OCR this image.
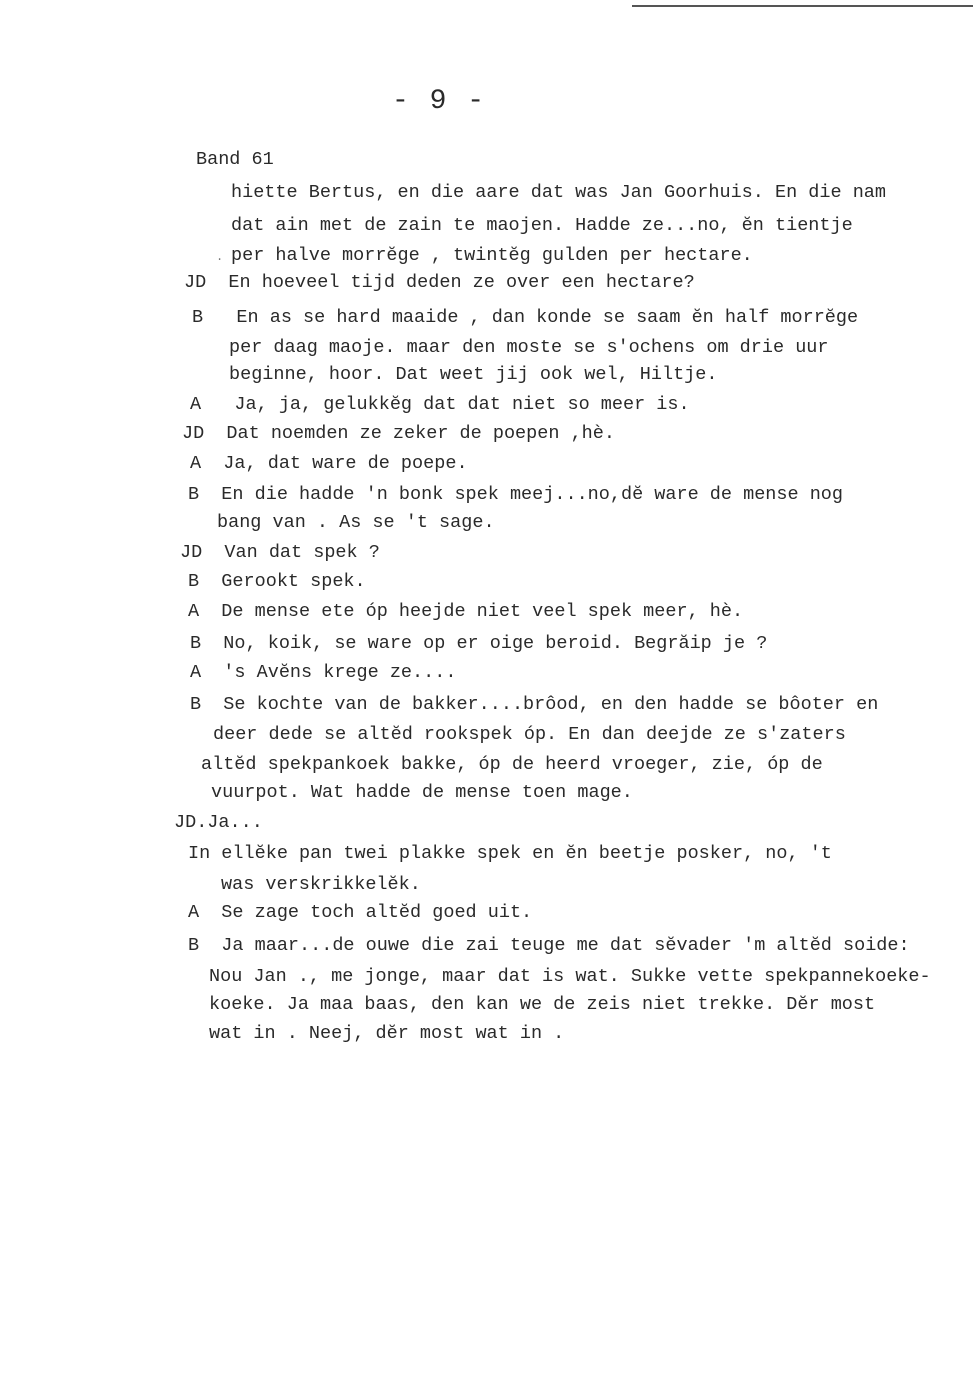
- 9 -
Band 61
hiette Bertus, en die aare dat was Jan Goorhuis. En die nam
dat ain met de zain te maojen. Hadde ze...no, ĕn tientje
. per halve morrĕge , twintĕg gulden per hectare.
JD  En hoeveel tijd deden ze over een hectare?
B   En as se hard maaide , dan konde se saam ĕn half morrĕge
per daag maoje. maar den moste se s'ochens om drie uur
beginne, hoor. Dat weet jij ook wel, Hiltje.
A   Ja, ja, gelukkĕg dat dat niet so meer is.
JD  Dat noemden ze zeker de poepen ,hè.
A  Ja, dat ware de poepe.
B  En die hadde 'n bonk spek meej...no,dĕ ware de mense nog
bang van . As se 't sage.
JD  Van dat spek ?
B  Gerookt spek.
A  De mense ete óp heejde niet veel spek meer, hè.
B  No, koik, se ware op er oige beroid. Begrăip je ?
A  's Avĕns krege ze....
B  Se kochte van de bakker....brôod, en den hadde se bôoter en
deer dede se altĕd rookspek óp. En dan deejde ze s'zaters
altĕd spekpankoek bakke, óp de heerd vroeger, zie, óp de
vuurpot. Wat hadde de mense toen mage.
JD.Ja...
In ellĕke pan twei plakke spek en ĕn beetje posker, no, 't
was verskrikkelĕk.
A  Se zage toch altĕd goed uit.
B  Ja maar...de ouwe die zai teuge me dat sĕvader 'm altĕd soide:
Nou Jan ., me jonge, maar dat is wat. Sukke vette spekpannekoeke-
koeke. Ja maa baas, den kan we de zeis niet trekke. Dĕr most
wat in . Neej, dĕr most wat in .
